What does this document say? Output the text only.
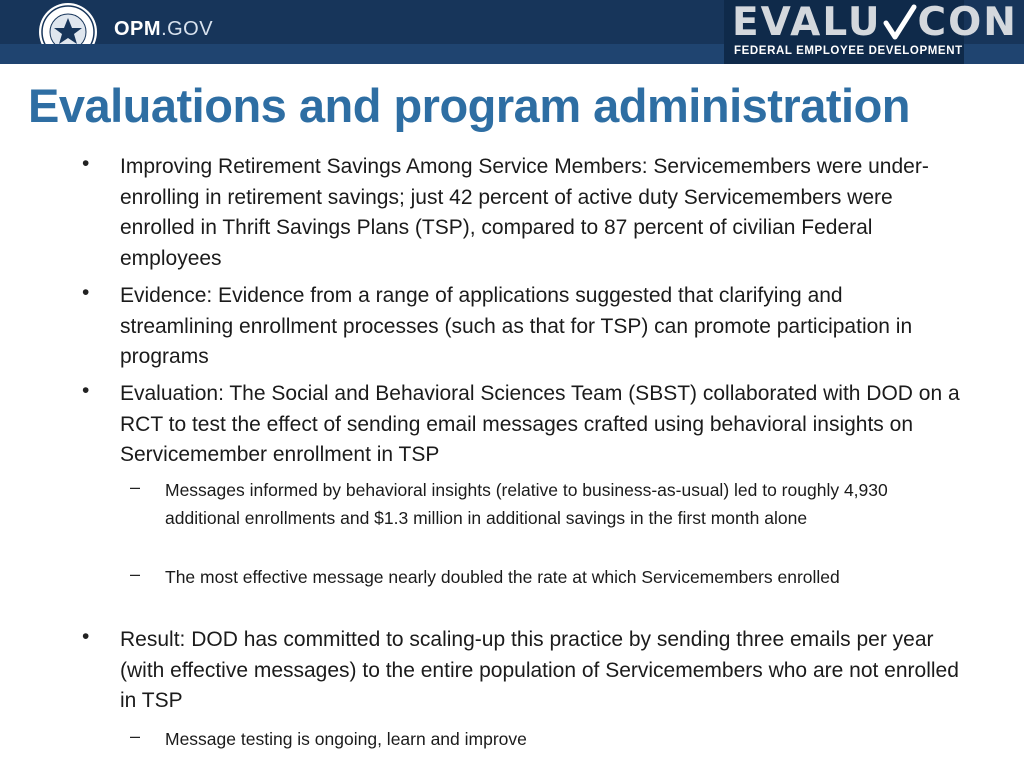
OPM.GOV	EVALU CON
FEDERAL EMPLOYEE DEVELOPMENT
Evaluations and program administration
• Improving Retirement Savings Among Service Members: Servicemembers were under-enrolling in retirement savings; just 42 percent of active duty Servicemembers were enrolled in Thrift Savings Plans (TSP), compared to 87 percent of civilian Federal employees
• Evidence: Evidence from a range of applications suggested that clarifying and streamlining enrollment processes (such as that for TSP) can promote participation in programs
• Evaluation: The Social and Behavioral Sciences Team (SBST) collaborated with DOD on a RCT to test the effect of sending email messages crafted using behavioral insights on Servicemember enrollment in TSP
– Messages informed by behavioral insights (relative to business-as-usual) led to roughly 4,930 additional enrollments and $1.3 million in additional savings in the first month alone
– The most effective message nearly doubled the rate at which Servicemembers enrolled
• Result: DOD has committed to scaling-up this practice by sending three emails per year (with effective messages) to the entire population of Servicemembers who are not enrolled in TSP
– Message testing is ongoing, learn and improve
